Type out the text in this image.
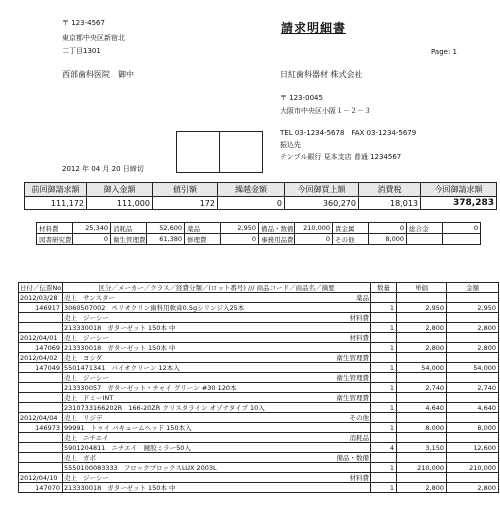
〒 123-4567
東京都中央区新宿北
二丁目1301
西部歯科医院　御中
請求明細書
Page: 1
日紅歯科器材 株式会社
〒 123-0045
大阪市中央区小阪１－２－３
TEL 03-1234-5678　FAX 03-1234-5679
振込先
テンプル銀行 見本支店 普通 1234567
2012 年 04 月 20 日締切
前回御請求額	御入金額	値引額	繰越金額	今回御買上額	消費税	今回御請求額
111,172	111,000	172	0	360,270	18,013	378,283
材料費	25,340	消耗品	52,600	薬品	2,950	備品・数備	210,000	貴金属	0	総合金	0
図書研究費	0	衛生管理費	61,380	修理費	0	事務用品費	0	その他	8,000		
日付／伝票No	区分／メーカー／クラス／経費分類／(ロット番号) /// 商品コード／商品名／摘要	数量	単価	金額
2012/03/28	売上 サンスター 薬品			

146917	3060507002 ペリオクリン歯科用軟膏0.5gシリンジ入25本	1	2,950	2,950
	売上 ジーシー 材料費			

	213330018 ガターゼット 150本 中	1	2,800	2,800
2012/04/01	売上 ジーシー 材料費			

147069	213330018 ガターゼット 150本 中	1	2,800	2,800
2012/04/02	売上 ヨシダ 衛生管理費			

147049	5501471341 バイオクリーン 12本入	1	54,000	54,000
	売上 ジーシー 衛生管理費			

	213330057 ガターゼット・チャイ グリーン #30 120本	1	2,740	2,740
	売上 ドミーINT 衛生管理費			

	2310733166202R 166-20ZR クリスタライン オゾナタイプ 10入	1	4,640	4,640
2012/04/04	売上 リジデ その他			

146973	99991 トゥイ バキュームヘッド 150本入	1	8,000	8,000
	売上 ニチエイ 消耗品			

	5901204811 ニチエイ　鏡胶ミラー50入	4	3,150	12,600
	売上 ガポ 備品・数備			

	5550100083333 フロックブロックスLUX 2003L	1	210,000	210,000
2012/04/10	売上 ジーシー 材料費			

147070	213330018 ガターゼット 150本 中	1	2,800	2,800
